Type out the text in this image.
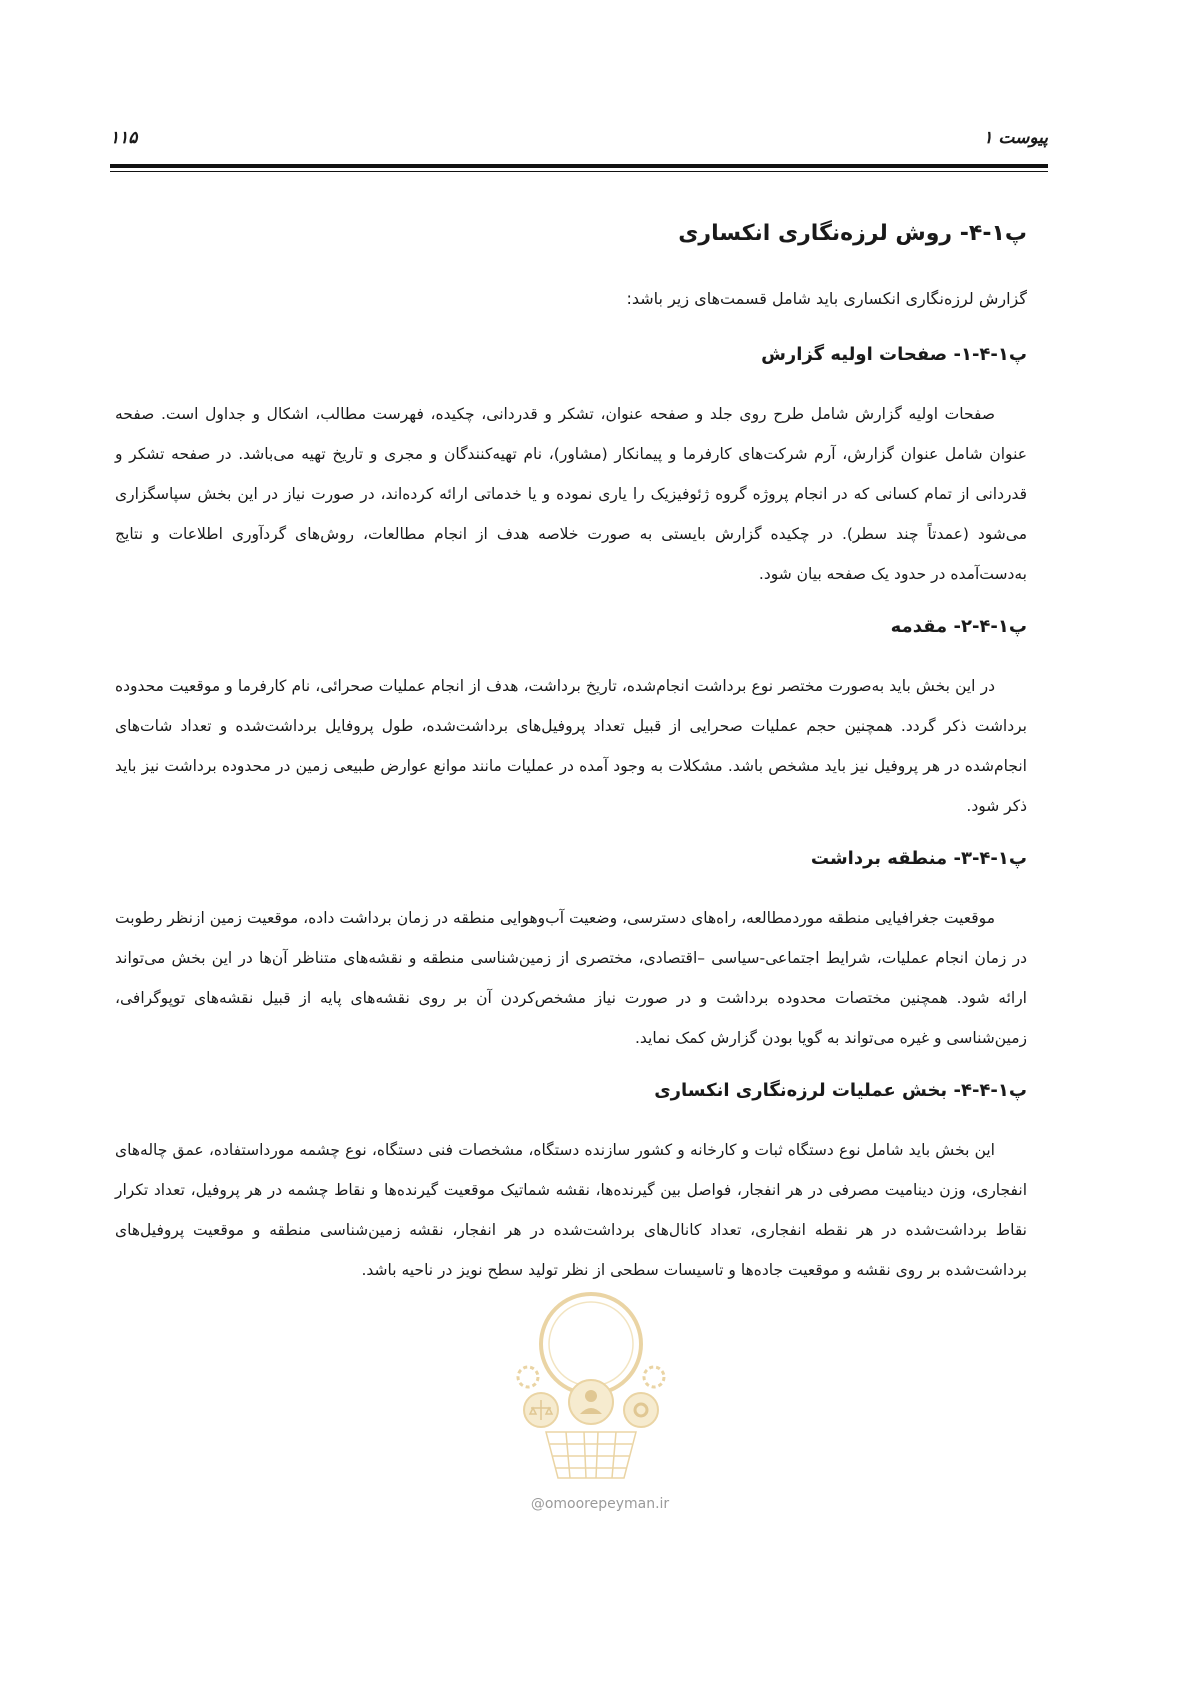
پیوست ۱
۱۱۵
پ۱-۴- روش لرزه‌نگاری انکساری

گزارش لرزه‌نگاری انکساری باید شامل قسمت‌های زیر باشد:

پ۱-۴-۱- صفحات اولیه گزارش

صفحات اولیه گزارش شامل طرح روی جلد و صفحه عنوان، تشکر و قدردانی، چکیده، فهرست مطالب، اشکال و جداول است. صفحه عنوان شامل عنوان گزارش، آرم شرکت‌های کارفرما و پیمانکار (مشاور)، نام تهیه‌کنندگان و مجری و تاریخ تهیه می‌باشد. در صفحه تشکر و قدردانی از تمام کسانی که در انجام پروژه گروه ژئوفیزیک را یاری نموده و یا خدماتی ارائه کرده‌اند، در صورت نیاز در این بخش سپاسگزاری می‌شود (عمدتاً چند سطر). در چکیده گزارش بایستی به صورت خلاصه هدف از انجام مطالعات، روش‌های گردآوری اطلاعات و نتایج به‌دست‌آمده در حدود یک صفحه بیان شود.

پ۱-۴-۲- مقدمه

در این بخش باید به‌صورت مختصر نوع برداشت انجام‌شده، تاریخ برداشت، هدف از انجام عملیات صحرائی، نام کارفرما و موقعیت محدوده برداشت ذکر گردد. همچنین حجم عملیات صحرایی از قبیل تعداد پروفیل‌های برداشت‌شده، طول پروفایل برداشت‌شده و تعداد شات‌های انجام‌شده در هر پروفیل نیز باید مشخص باشد. مشکلات به وجود آمده در عملیات مانند موانع عوارض طبیعی زمین در محدوده برداشت نیز باید ذکر شود.

پ۱-۴-۳- منطقه برداشت

موقعیت جغرافیایی منطقه موردمطالعه، راه‌های دسترسی، وضعیت آب‌وهوایی منطقه در زمان برداشت داده، موقعیت زمین ازنظر رطوبت در زمان انجام عملیات، شرایط اجتماعی-سیاسی –اقتصادی، مختصری از زمین‌شناسی منطقه و نقشه‌های متناظر آن‌ها در این بخش می‌تواند ارائه شود. همچنین مختصات محدوده برداشت و در صورت نیاز مشخص‌کردن آن بر روی نقشه‌های پایه از قبیل نقشه‌های توپوگرافی، زمین‌شناسی و غیره می‌تواند به گویا بودن گزارش کمک نماید.

پ۱-۴-۴- بخش عملیات لرزه‌نگاری انکساری

این بخش باید شامل نوع دستگاه ثبات و کارخانه و کشور سازنده دستگاه، مشخصات فنی دستگاه، نوع چشمه مورداستفاده، عمق چاله‌های انفجاری، وزن دینامیت مصرفی در هر انفجار، فواصل بین گیرنده‌ها، نقشه شماتیک موقعیت گیرنده‌ها و نقاط چشمه در هر پروفیل، تعداد تکرار نقاط برداشت‌شده در هر نقطه انفجاری، تعداد کانال‌های برداشت‌شده در هر انفجار، نقشه زمین‌شناسی منطقه و موقعیت پروفیل‌های برداشت‌شده بر روی نقشه و موقعیت جاده‌ها و تاسیسات سطحی از نظر تولید سطح نویز در ناحیه باشد.

@omoorepeyman.ir
